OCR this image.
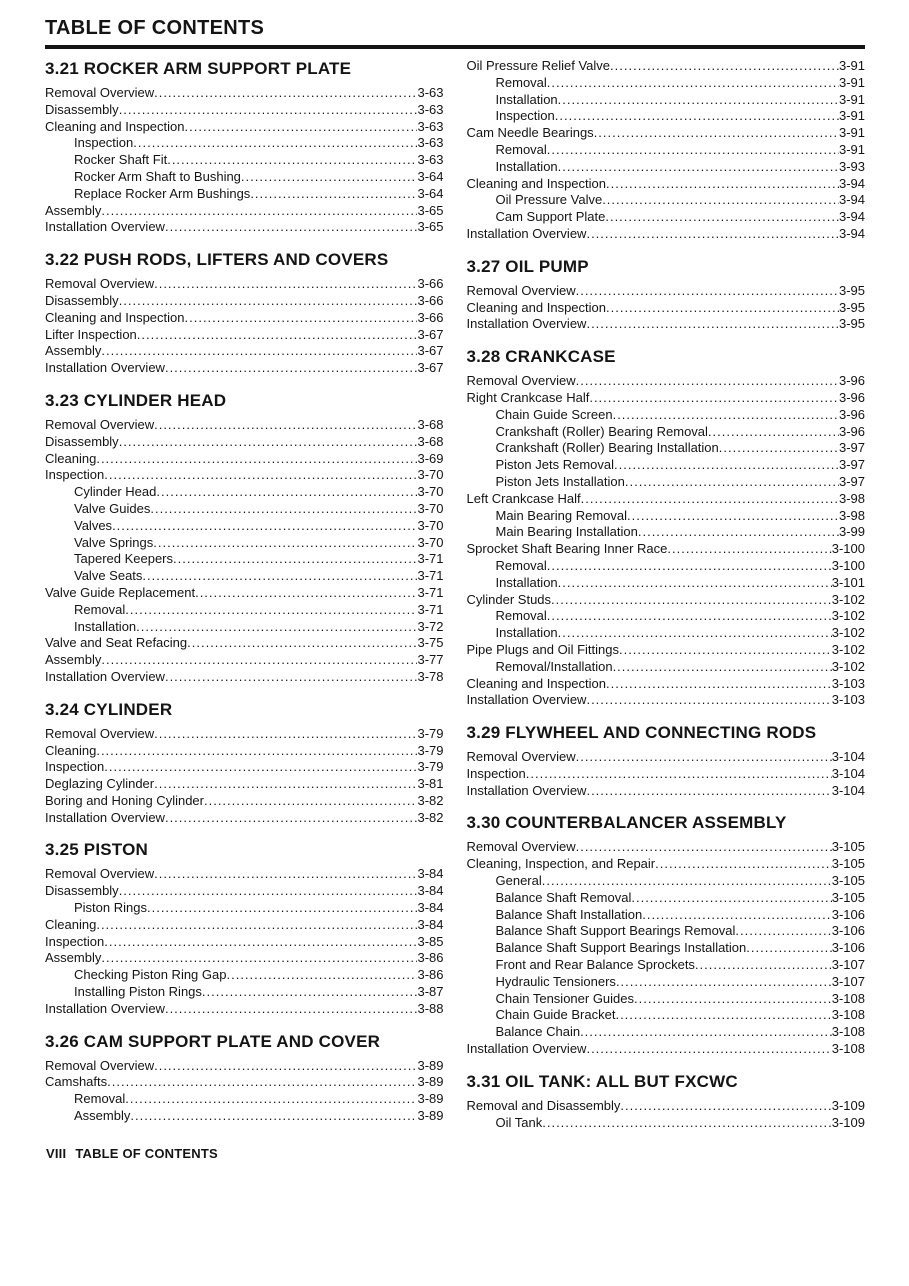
TABLE OF CONTENTS
3.21 ROCKER ARM SUPPORT PLATE
Removal Overview .....	3-63
Disassembly .....	3-63
Cleaning and Inspection .....	3-63
Inspection .....	3-63
Rocker Shaft Fit .....	3-63
Rocker Arm Shaft to Bushing .....	3-64
Replace Rocker Arm Bushings .....	3-64
Assembly .....	3-65
Installation Overview .....	3-65
3.22 PUSH RODS, LIFTERS AND COVERS
Removal Overview .....	3-66
Disassembly .....	3-66
Cleaning and Inspection .....	3-66
Lifter Inspection .....	3-67
Assembly .....	3-67
Installation Overview .....	3-67
3.23 CYLINDER HEAD
Removal Overview .....	3-68
Disassembly .....	3-68
Cleaning .....	3-69
Inspection .....	3-70
Cylinder Head .....	3-70
Valve Guides .....	3-70
Valves .....	3-70
Valve Springs .....	3-70
Tapered Keepers .....	3-71
Valve Seats .....	3-71
Valve Guide Replacement .....	3-71
Removal .....	3-71
Installation .....	3-72
Valve and Seat Refacing .....	3-75
Assembly .....	3-77
Installation Overview .....	3-78
3.24 CYLINDER
Removal Overview .....	3-79
Cleaning .....	3-79
Inspection .....	3-79
Deglazing Cylinder .....	3-81
Boring and Honing Cylinder .....	3-82
Installation Overview .....	3-82
3.25 PISTON
Removal Overview .....	3-84
Disassembly .....	3-84
Piston Rings .....	3-84
Cleaning .....	3-84
Inspection .....	3-85
Assembly .....	3-86
Checking Piston Ring Gap .....	3-86
Installing Piston Rings .....	3-87
Installation Overview .....	3-88
3.26 CAM SUPPORT PLATE AND COVER
Removal Overview .....	3-89
Camshafts .....	3-89
Removal .....	3-89
Assembly .....	3-89
Oil Pressure Relief Valve .....	3-91
Removal .....	3-91
Installation .....	3-91
Inspection .....	3-91
Cam Needle Bearings .....	3-91
Removal .....	3-91
Installation .....	3-93
Cleaning and Inspection .....	3-94
Oil Pressure Valve .....	3-94
Cam Support Plate .....	3-94
Installation Overview .....	3-94
3.27 OIL PUMP
Removal Overview .....	3-95
Cleaning and Inspection .....	3-95
Installation Overview .....	3-95
3.28 CRANKCASE
Removal Overview .....	3-96
Right Crankcase Half .....	3-96
Chain Guide Screen .....	3-96
Crankshaft (Roller) Bearing Removal .....	3-96
Crankshaft (Roller) Bearing Installation .....	3-97
Piston Jets Removal .....	3-97
Piston Jets Installation .....	3-97
Left Crankcase Half .....	3-98
Main Bearing Removal .....	3-98
Main Bearing Installation .....	3-99
Sprocket Shaft Bearing Inner Race .....	3-100
Removal .....	3-100
Installation .....	3-101
Cylinder Studs .....	3-102
Removal .....	3-102
Installation .....	3-102
Pipe Plugs and Oil Fittings .....	3-102
Removal/Installation .....	3-102
Cleaning and Inspection .....	3-103
Installation Overview .....	3-103
3.29 FLYWHEEL AND CONNECTING RODS
Removal Overview .....	3-104
Inspection .....	3-104
Installation Overview .....	3-104
3.30 COUNTERBALANCER ASSEMBLY
Removal Overview .....	3-105
Cleaning, Inspection, and Repair .....	3-105
General .....	3-105
Balance Shaft Removal .....	3-105
Balance Shaft Installation .....	3-106
Balance Shaft Support Bearings Removal .....	3-106
Balance Shaft Support Bearings Installation .....	3-106
Front and Rear Balance Sprockets .....	3-107
Hydraulic Tensioners .....	3-107
Chain Tensioner Guides .....	3-108
Chain Guide Bracket .....	3-108
Balance Chain .....	3-108
Installation Overview .....	3-108
3.31 OIL TANK: ALL BUT FXCWC
Removal and Disassembly .....	3-109
Oil Tank .....	3-109
VIII TABLE OF CONTENTS
